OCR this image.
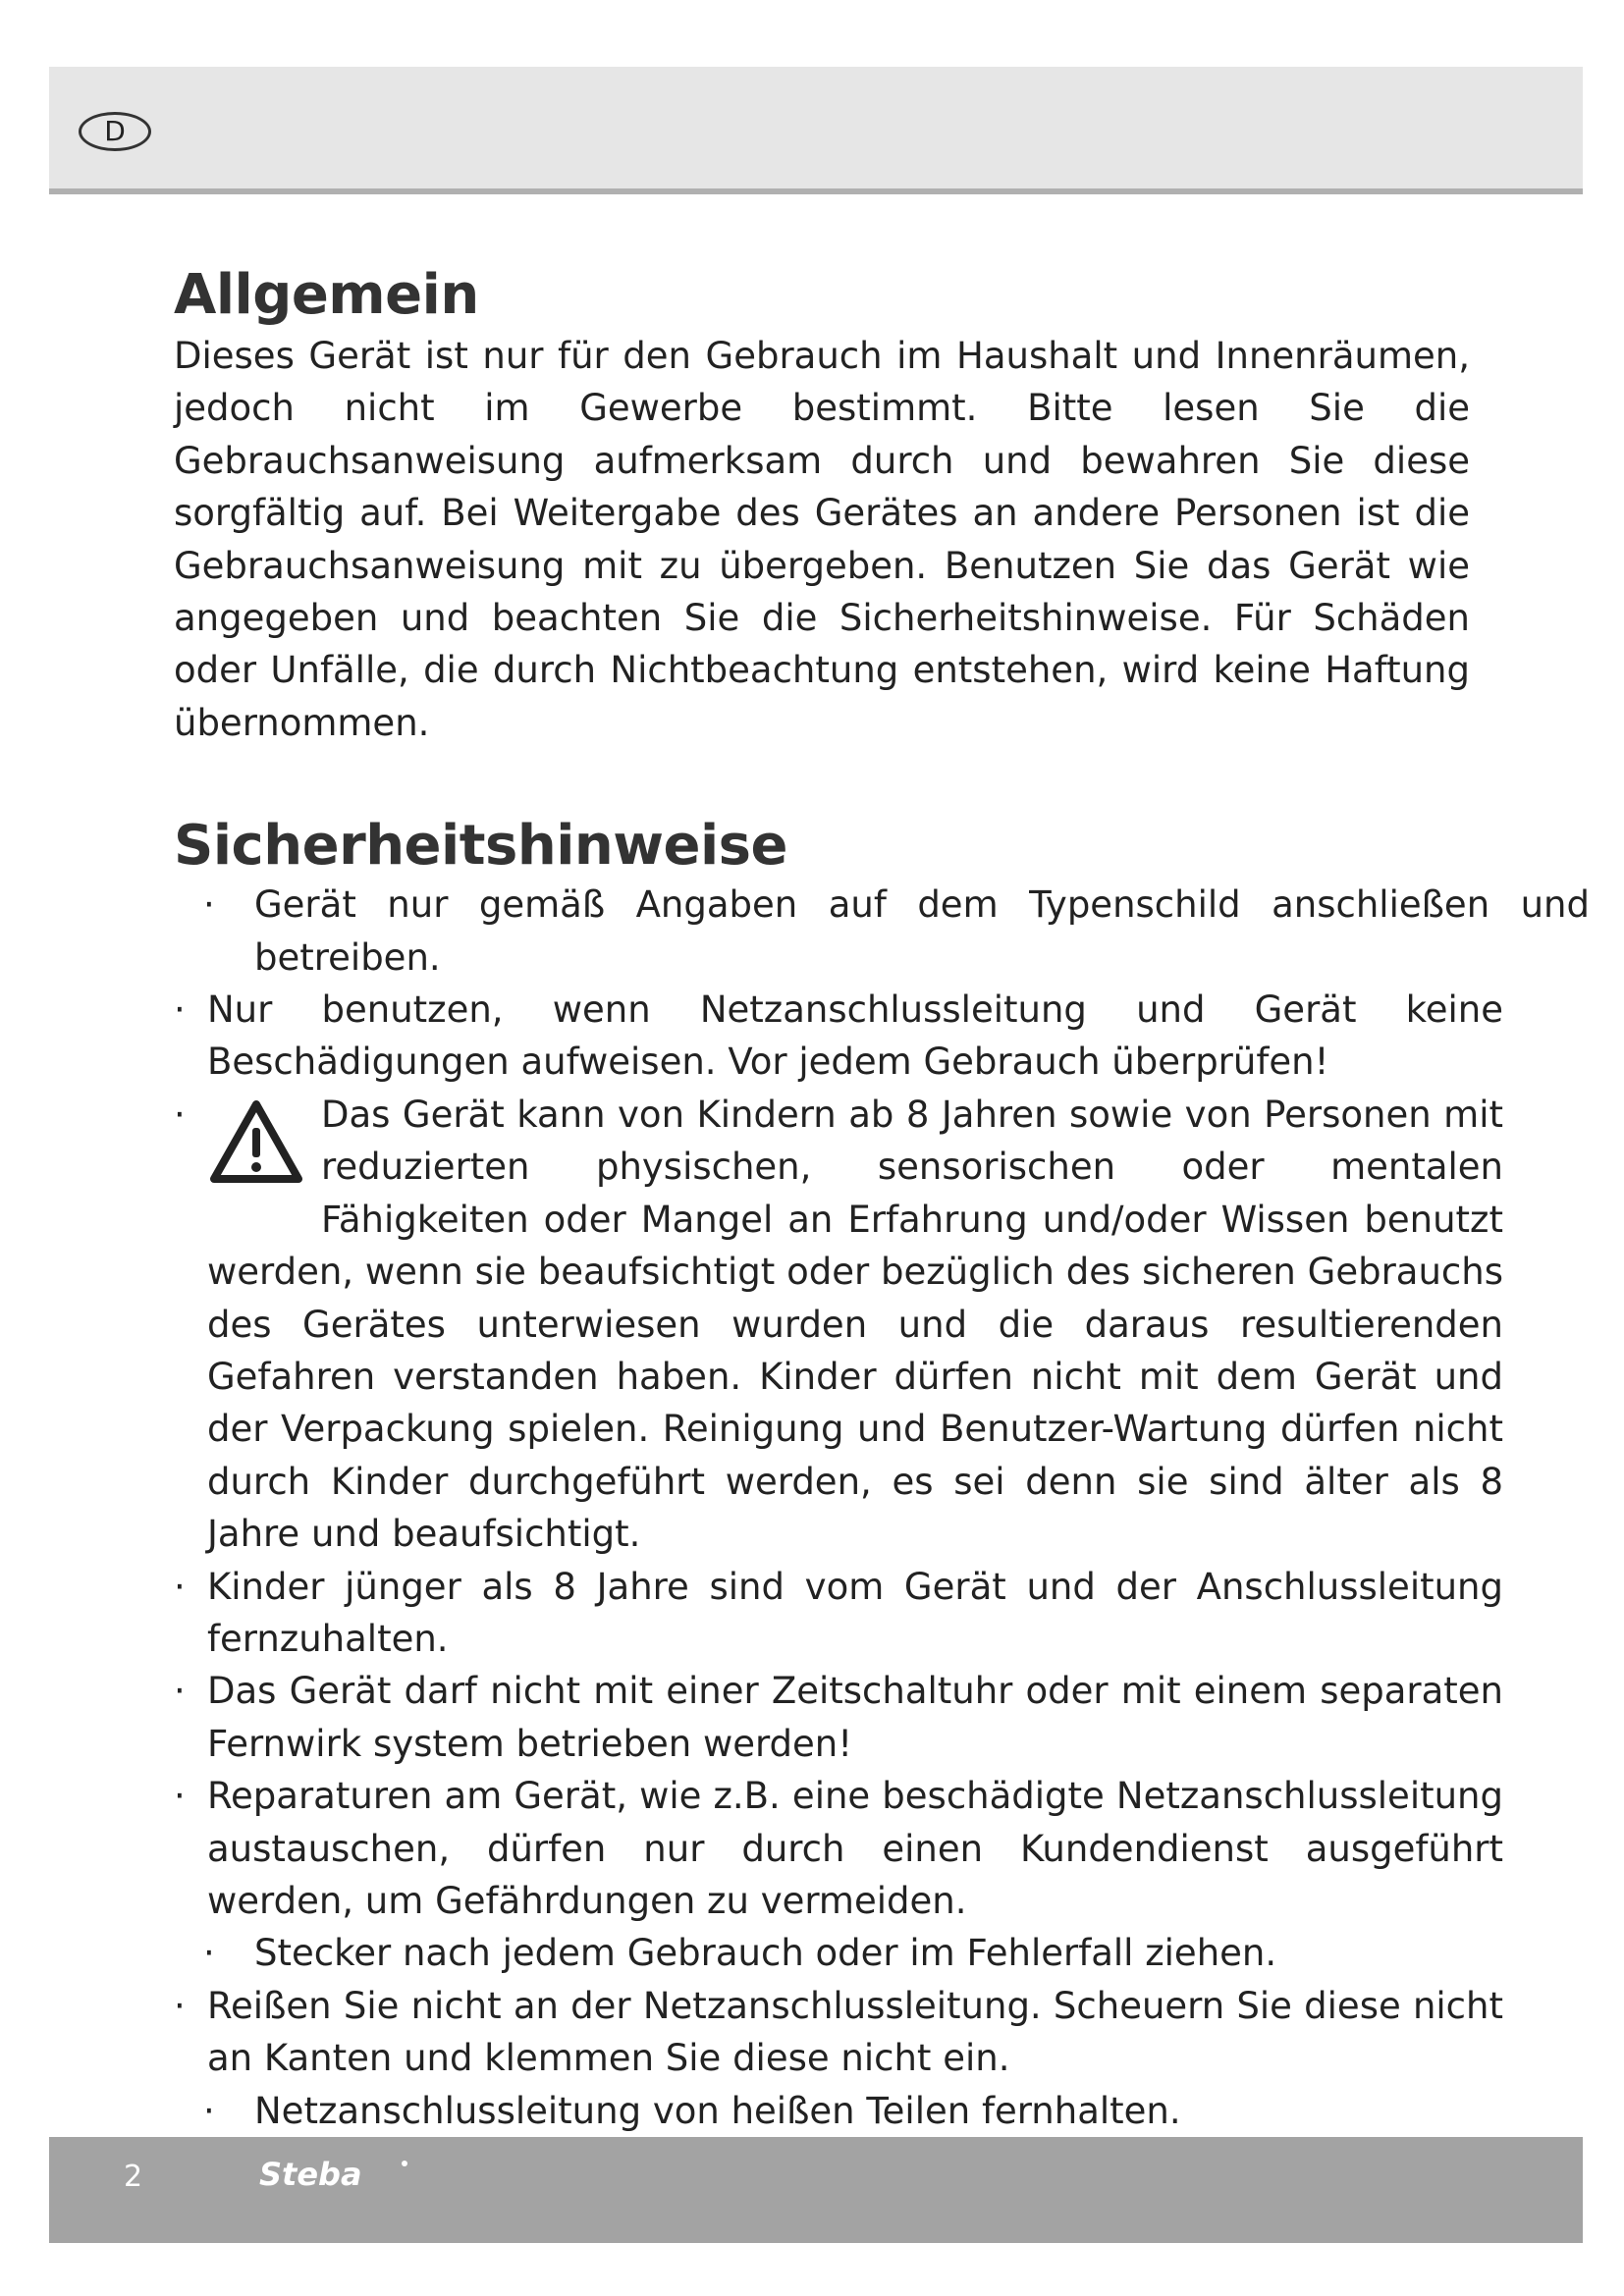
D
Allgemein

Dieses Gerät ist nur für den Gebrauch im Haushalt und Innenräumen, jedoch nicht im Gewerbe bestimmt. Bitte lesen Sie die Gebrauchsanweisung aufmerksam durch und bewahren Sie diese sorgfältig auf. Bei Weitergabe des Gerätes an andere Personen ist die Gebrauchsanweisung mit zu übergeben. Benutzen Sie das Gerät wie angegeben und beachten Sie die Sicherheitshinweise. Für Schäden oder Unfälle, die durch Nichtbeachtung entstehen, wird keine Haftung übernommen.

Sicherheitshinweise
· Gerät nur gemäß Angaben auf dem Typenschild anschließen und betreiben.
· Nur benutzen, wenn Netzanschlussleitung und Gerät keine Beschädigungen aufweisen. Vor jedem Gebrauch überprüfen!
·	Das Gerät kann von Kindern ab 8 Jahren sowie von Personen mit reduzierten physischen, sensorischen oder mentalen Fähigkeiten oder Mangel an Erfahrung und/oder Wissen benutzt werden, wenn sie beaufsichtigt oder bezüglich des sicheren Gebrauchs des Gerätes unterwiesen wurden und die daraus resultierenden Gefahren verstanden haben. Kinder dürfen nicht mit dem Gerät und der Verpackung spielen. Reinigung und Benutzer-Wartung dürfen nicht durch Kinder durchgeführt werden, es sei denn sie sind älter als 8 Jahre und beaufsichtigt.
· Kinder jünger als 8 Jahre sind vom Gerät und der Anschlussleitung fernzuhalten.
· Das Gerät darf nicht mit einer Zeitschaltuhr oder mit einem separaten Fernwirk system betrieben werden!
· Reparaturen am Gerät, wie z.B. eine beschädigte Netzanschlussleitung austauschen, dürfen nur durch einen Kundendienst ausgeführt werden, um Gefährdungen zu vermeiden.
· Stecker nach jedem Gebrauch oder im Fehlerfall ziehen.
· Reißen Sie nicht an der Netzanschlussleitung. Scheuern Sie diese nicht an Kanten und klemmen Sie diese nicht ein.
· Netzanschlussleitung von heißen Teilen fernhalten.
2	Steba
